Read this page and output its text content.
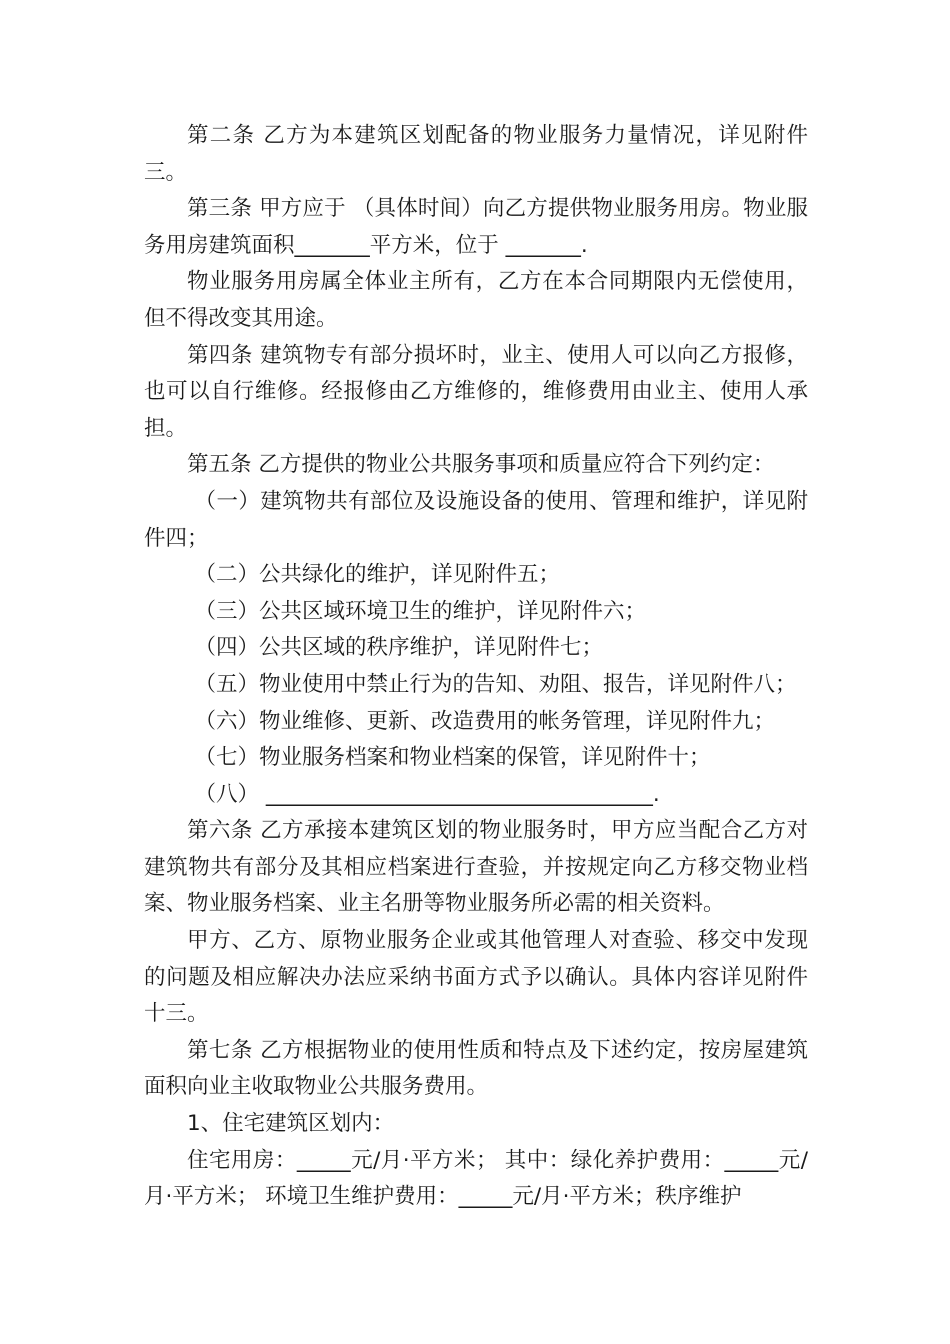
第二条 乙方为本建筑区划配备的物业服务力量情况，详见附件三。

第三条 甲方应于 （具体时间）向乙方提供物业服务用房。物业服务用房建筑面积_______平方米，位于 _______.

物业服务用房属全体业主所有，乙方在本合同期限内无偿使用，但不得改变其用途。

第四条 建筑物专有部分损坏时，业主、使用人可以向乙方报修，也可以自行维修。经报修由乙方维修的，维修费用由业主、使用人承担。

第五条 乙方提供的物业公共服务事项和质量应符合下列约定：

（一）建筑物共有部位及设施设备的使用、管理和维护，详见附件四；

（二）公共绿化的维护，详见附件五；

（三）公共区域环境卫生的维护，详见附件六；

（四）公共区域的秩序维护，详见附件七；

（五）物业使用中禁止行为的告知、劝阻、报告，详见附件八；

（六）物业维修、更新、改造费用的帐务管理，详见附件九；

（七）物业服务档案和物业档案的保管，详见附件十；

（八） ____________________________________.

第六条 乙方承接本建筑区划的物业服务时，甲方应当配合乙方对建筑物共有部分及其相应档案进行查验，并按规定向乙方移交物业档案、物业服务档案、业主名册等物业服务所必需的相关资料。

甲方、乙方、原物业服务企业或其他管理人对查验、移交中发现的问题及相应解决办法应采纳书面方式予以确认。具体内容详见附件十三。

第七条 乙方根据物业的使用性质和特点及下述约定，按房屋建筑面积向业主收取物业公共服务费用。

1、住宅建筑区划内：

住宅用房：_____元/月·平方米； 其中：绿化养护费用：_____元/月·平方米； 环境卫生维护费用：_____元/月·平方米；秩序维护
